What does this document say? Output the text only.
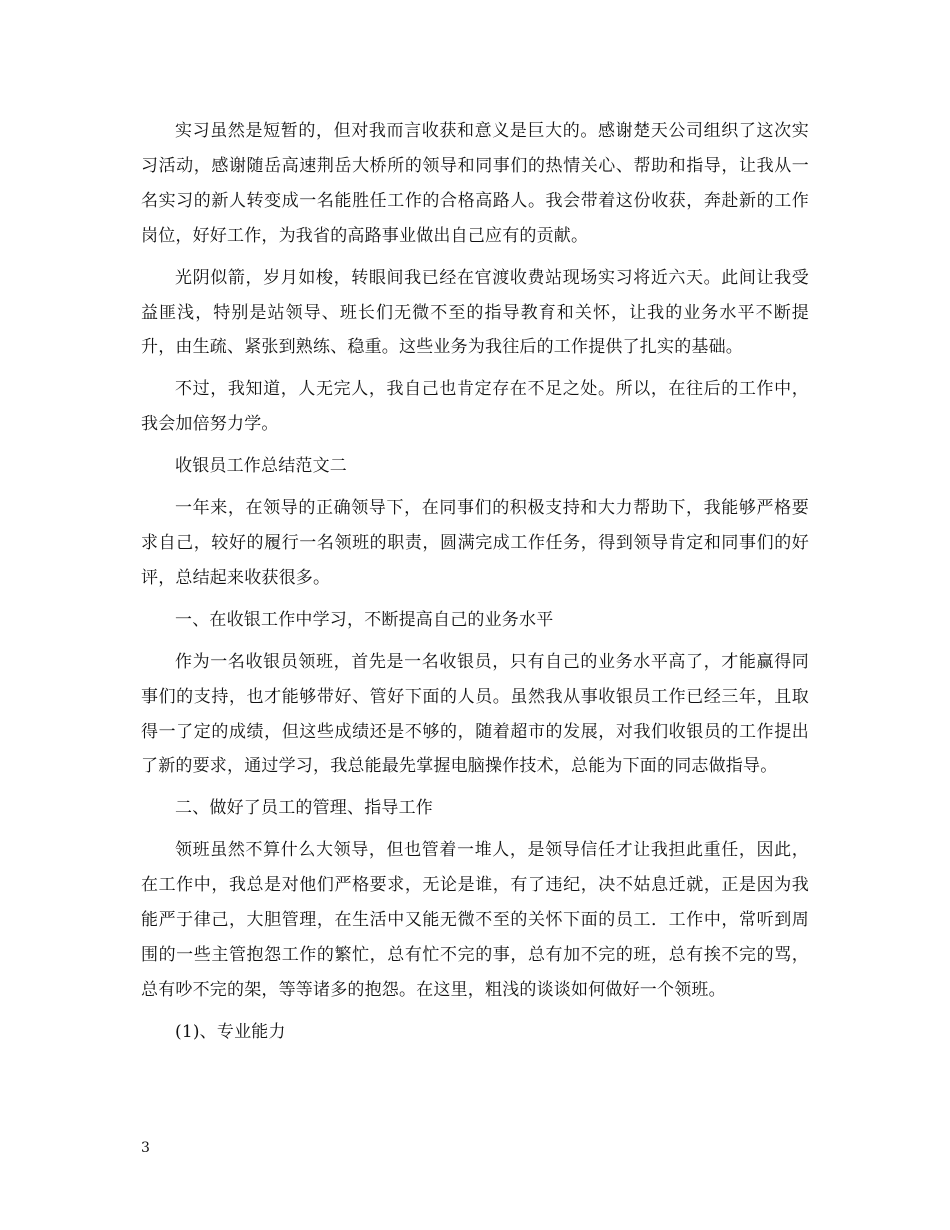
实习虽然是短暂的，但对我而言收获和意义是巨大的。感谢楚天公司组织了这次实习活动，感谢随岳高速荆岳大桥所的领导和同事们的热情关心、帮助和指导，让我从一名实习的新人转变成一名能胜任工作的合格高路人。我会带着这份收获，奔赴新的工作岗位，好好工作，为我省的高路事业做出自己应有的贡献。

光阴似箭，岁月如梭，转眼间我已经在官渡收费站现场实习将近六天。此间让我受益匪浅，特别是站领导、班长们无微不至的指导教育和关怀，让我的业务水平不断提升，由生疏、紧张到熟练、稳重。这些业务为我往后的工作提供了扎实的基础。

不过，我知道，人无完人，我自己也肯定存在不足之处。所以，在往后的工作中，我会加倍努力学。

收银员工作总结范文二

一年来，在领导的正确领导下，在同事们的积极支持和大力帮助下，我能够严格要求自己，较好的履行一名领班的职责，圆满完成工作任务，得到领导肯定和同事们的好评，总结起来收获很多。

一、在收银工作中学习，不断提高自己的业务水平

作为一名收银员领班，首先是一名收银员，只有自己的业务水平高了，才能赢得同事们的支持，也才能够带好、管好下面的人员。虽然我从事收银员工作已经三年，且取得一了定的成绩，但这些成绩还是不够的，随着超市的发展，对我们收银员的工作提出了新的要求，通过学习，我总能最先掌握电脑操作技术，总能为下面的同志做指导。

二、做好了员工的管理、指导工作

领班虽然不算什么大领导，但也管着一堆人，是领导信任才让我担此重任，因此，在工作中，我总是对他们严格要求，无论是谁，有了违纪，决不姑息迁就，正是因为我能严于律己，大胆管理，在生活中又能无微不至的关怀下面的员工．工作中，常听到周围的一些主管抱怨工作的繁忙，总有忙不完的事，总有加不完的班，总有挨不完的骂，总有吵不完的架，等等诸多的抱怨。在这里，粗浅的谈谈如何做好一个领班。

(1)、专业能力

3
